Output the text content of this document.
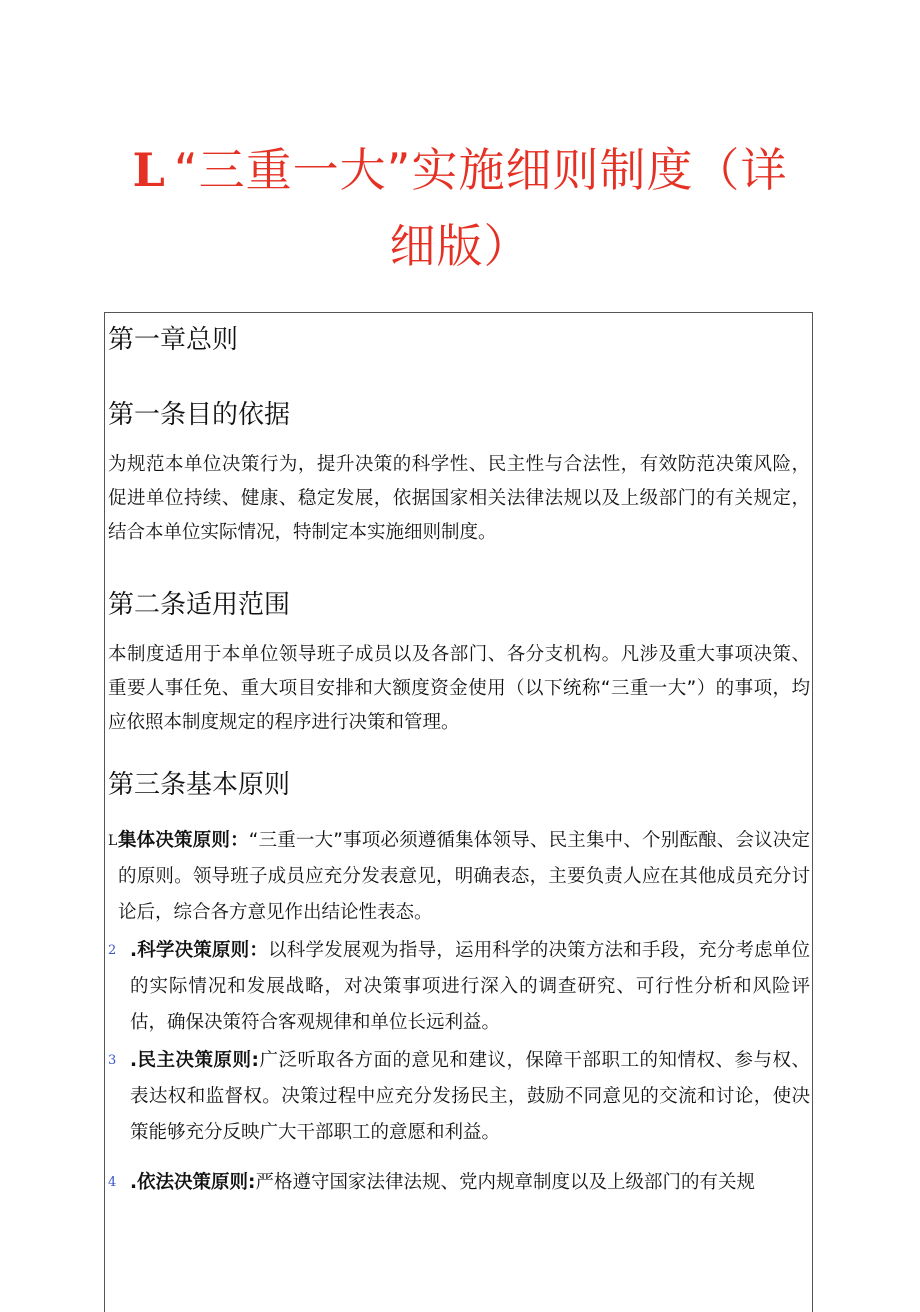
L “三重一大”实施细则制度（详
细版）
第一章总则
第一条目的依据

为规范本单位决策行为，提升决策的科学性、民主性与合法性，有效防范决策风险，促进单位持续、健康、稳定发展，依据国家相关法律法规以及上级部门的有关规定，结合本单位实际情况，特制定本实施细则制度。

第二条适用范围

本制度适用于本单位领导班子成员以及各部门、各分支机构。凡涉及重大事项决策、重要人事任免、重大项目安排和大额度资金使用（以下统称“三重一大”）的事项，均应依照本制度规定的程序进行决策和管理。

第三条基本原则
L 集体决策原则：“三重一大”事项必须遵循集体领导、民主集中、个别酝酿、会议决定的原则。领导班子成员应充分发表意见，明确表态，主要负责人应在其他成员充分讨论后，综合各方意见作出结论性表态。
2 .科学决策原则：以科学发展观为指导，运用科学的决策方法和手段，充分考虑单位的实际情况和发展战略，对决策事项进行深入的调查研究、可行性分析和风险评估，确保决策符合客观规律和单位长远利益。
3 .民主决策原则:广泛听取各方面的意见和建议，保障干部职工的知情权、参与权、表达权和监督权。决策过程中应充分发扬民主，鼓励不同意见的交流和讨论，使决策能够充分反映广大干部职工的意愿和利益。
4 .依法决策原则:严格遵守国家法律法规、党内规章制度以及上级部门的有关规
